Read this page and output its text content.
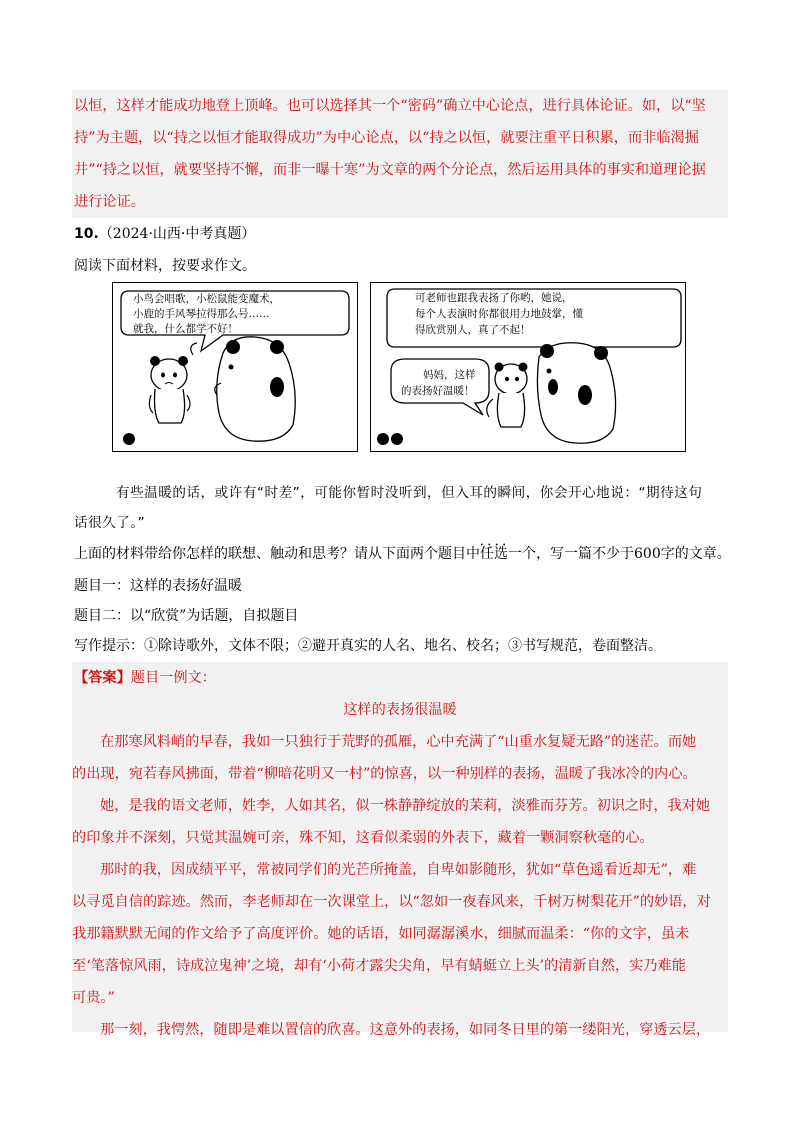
以恒，这样才能成功地登上顶峰。也可以选择其一个“密码”确立中心论点，进行具体论证。如，以“坚

持”为主题，以“持之以恒才能取得成功”为中心论点，以“持之以恒，就要注重平日积累，而非临渴掘

井”“持之以恒，就要坚持不懈，而非一曝十寒”为文章的两个分论点，然后运用具体的事实和道理论据

进行论证。

10.（2024·山西·中考真题）
阅读下面材料，按要求作文。
小鸟会唱歌，小松鼠能变魔术，
小鹿的手风琴拉得那么号……
就我，什么都学不好！
可老师也跟我表扬了你哟，她说，
每个人表演时你都很用力地鼓掌，懂
得欣赏别人，真了不起！
妈妈，这样
的表扬好温暖！
有些温暖的话，或许有“时差”，可能你暂时没听到，但入耳的瞬间，你会开心地说：“期待这句
话很久了。”
上面的材料带给你怎样的联想、触动和思考？请从下面两个题目中• • • • 任选一个，写一篇不少于600字的文章。
题目一：这样的表扬好温暖
题目二：以“欣赏”为话题，自拟题目
写作提示：①除诗歌外，文体不限；②避开真实的人名、地名、校名；③书写规范，卷面整洁。
【答案】题目一例文：
这样的表扬很温暖
在那寒风料峭的早春，我如一只独行于荒野的孤雁，心中充满了“山重水复疑无路”的迷茫。而她
的出现，宛若春风拂面，带着“柳暗花明又一村”的惊喜，以一种别样的表扬，温暖了我冰冷的内心。
她，是我的语文老师，姓李，人如其名，似一株静静绽放的茉莉，淡雅而芬芳。初识之时，我对她
的印象并不深刻，只觉其温婉可亲，殊不知，这看似柔弱的外表下，藏着一颗洞察秋毫的心。
那时的我，因成绩平平，常被同学们的光芒所掩盖，自卑如影随形，犹如“草色遥看近却无”，难
以寻觅自信的踪迹。然而，李老师却在一次课堂上，以“忽如一夜春风来，千树万树梨花开”的妙语，对
我那籍默默无闻的作文给予了高度评价。她的话语，如同潺潺溪水，细腻而温柔：“你的文字，虽未
至‘笔落惊风雨，诗成泣鬼神’之境，却有‘小荷才露尖尖角，早有蜻蜓立上头’的清新自然，实乃难能
可贵。”
那一刻，我愕然，随即是难以置信的欣喜。这意外的表扬，如同冬日里的第一缕阳光，穿透云层，
